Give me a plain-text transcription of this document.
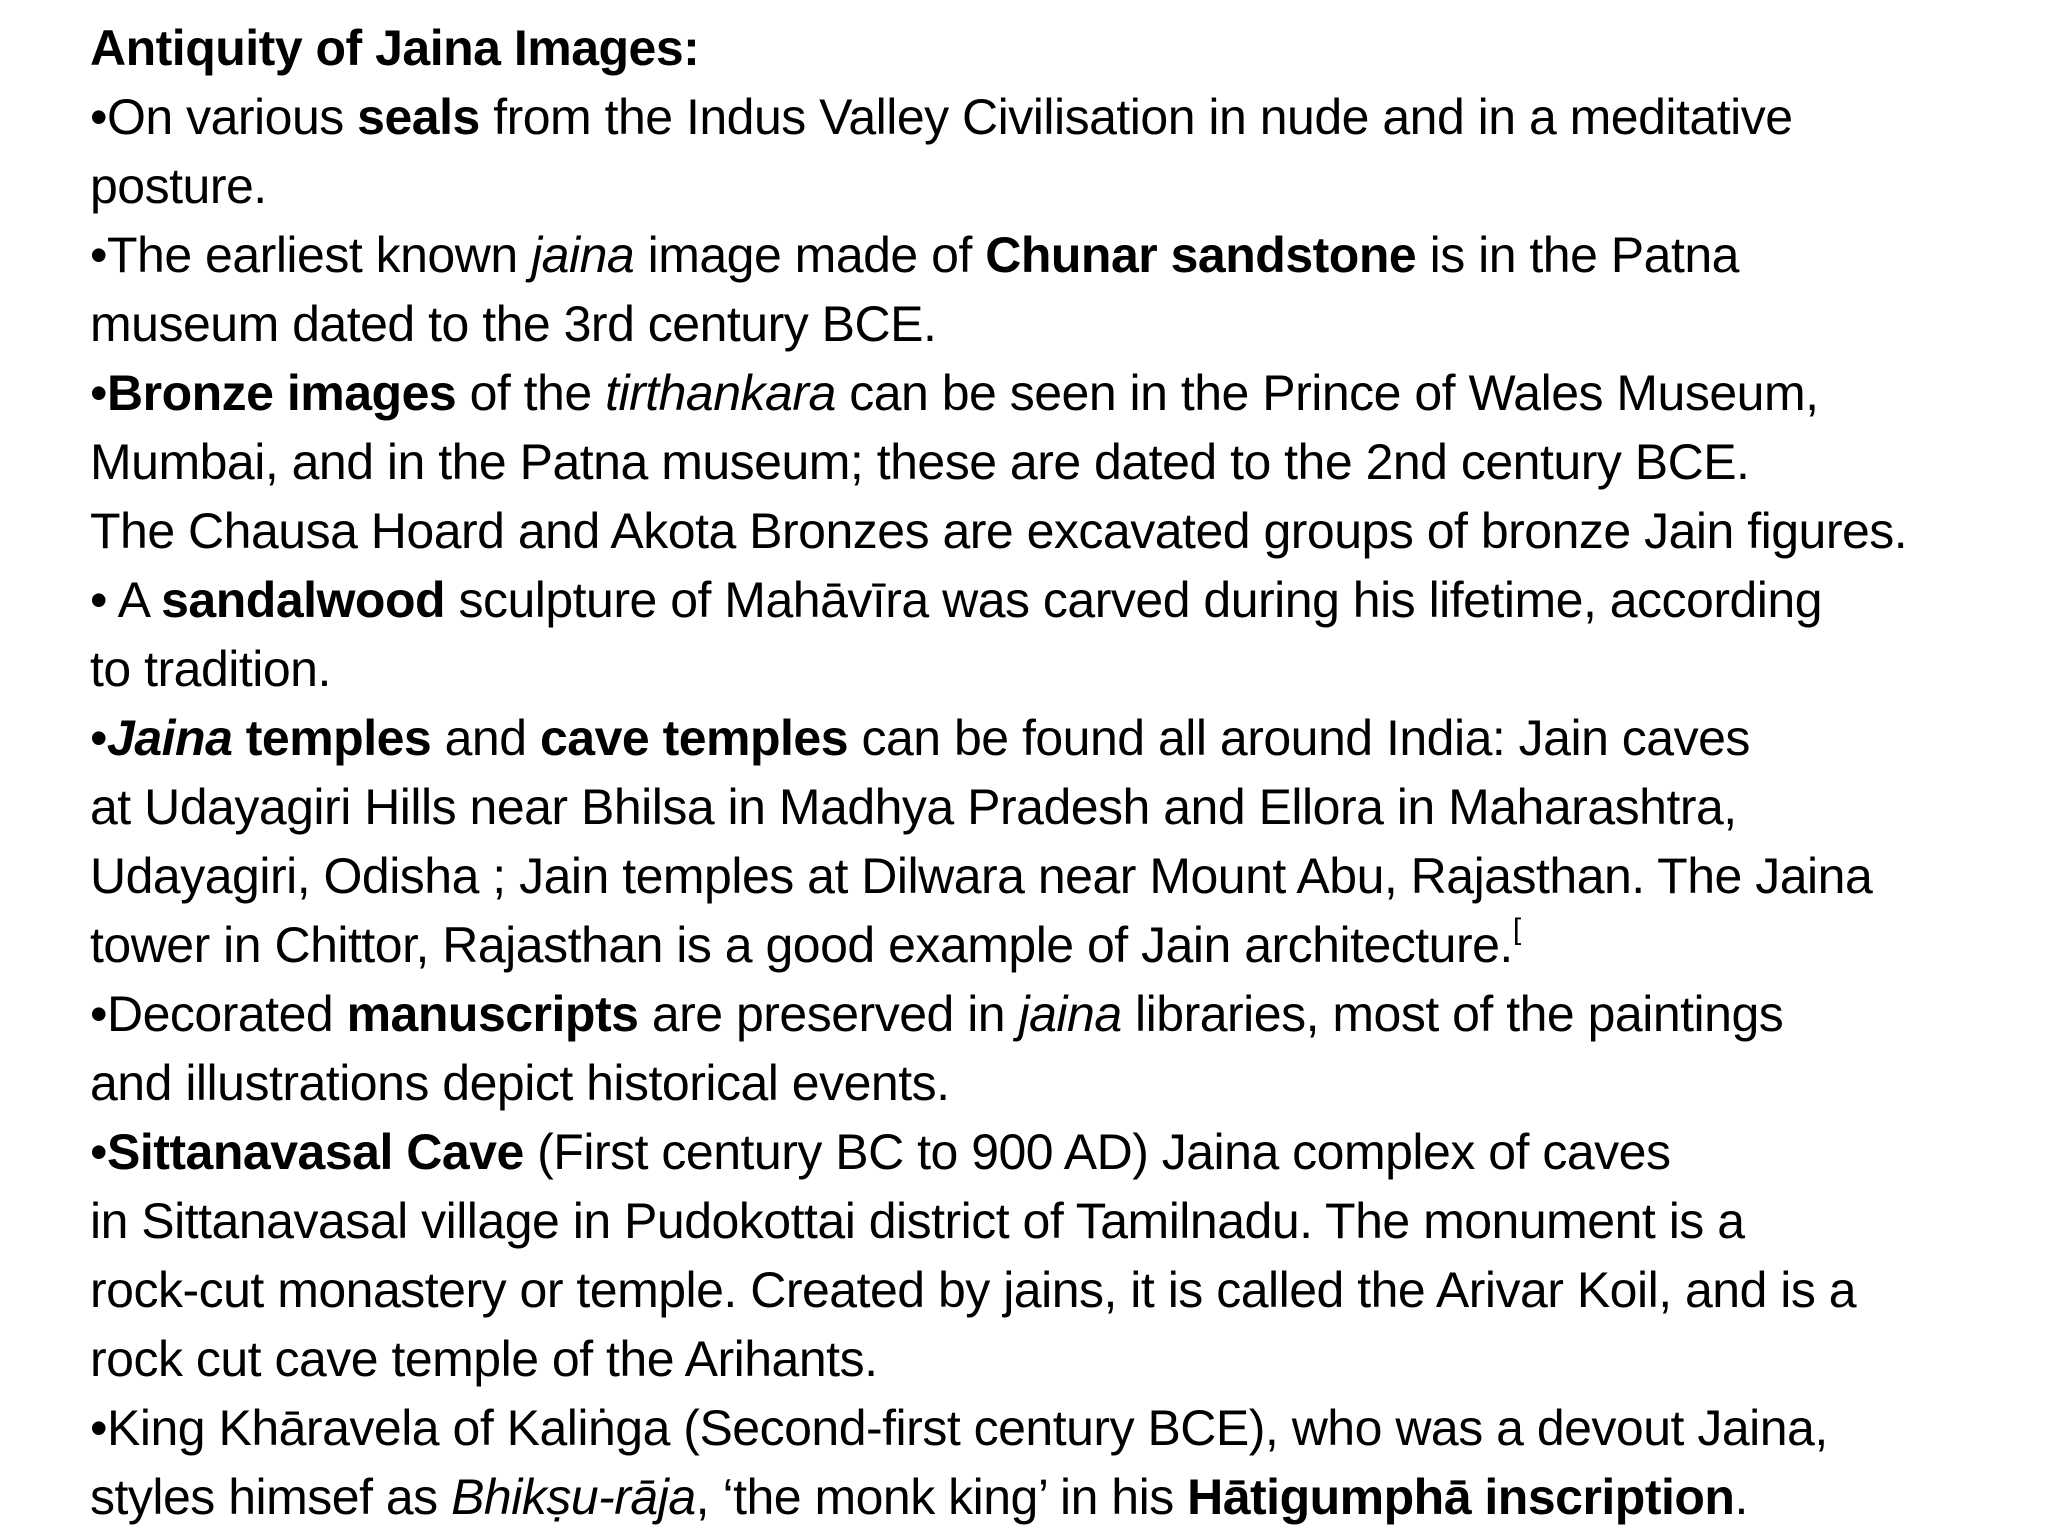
Antiquity of Jaina Images:
•On various seals from the Indus Valley Civilisation in nude and in a meditative
posture.
•The earliest known jaina image made of Chunar sandstone is in the Patna
museum dated to the 3rd century BCE.
•Bronze images of the tirthankara can be seen in the Prince of Wales Museum,
Mumbai, and in the Patna museum; these are dated to the 2nd century BCE.
The Chausa Hoard and Akota Bronzes are excavated groups of bronze Jain figures.
• A sandalwood sculpture of Mahāvīra was carved during his lifetime, according
to tradition.
•Jaina temples and cave temples can be found all around India: Jain caves
at Udayagiri Hills near Bhilsa in Madhya Pradesh and Ellora in Maharashtra,
Udayagiri, Odisha ; Jain temples at Dilwara near Mount Abu, Rajasthan. The Jaina
tower in Chittor, Rajasthan is a good example of Jain architecture.[
•Decorated manuscripts are preserved in jaina libraries, most of the paintings
and illustrations depict historical events.
•Sittanavasal Cave (First century BC to 900 AD) Jaina complex of caves
in Sittanavasal village in Pudokottai district of Tamilnadu. The monument is a
rock-cut monastery or temple. Created by jains, it is called the Arivar Koil, and is a
rock cut cave temple of the Arihants.
•King Khāravela of Kaliṅga (Second-first century BCE), who was a devout Jaina,
styles himsef as Bhikṣu-rāja, ‘the monk king’ in his Hātigumphā inscription.
